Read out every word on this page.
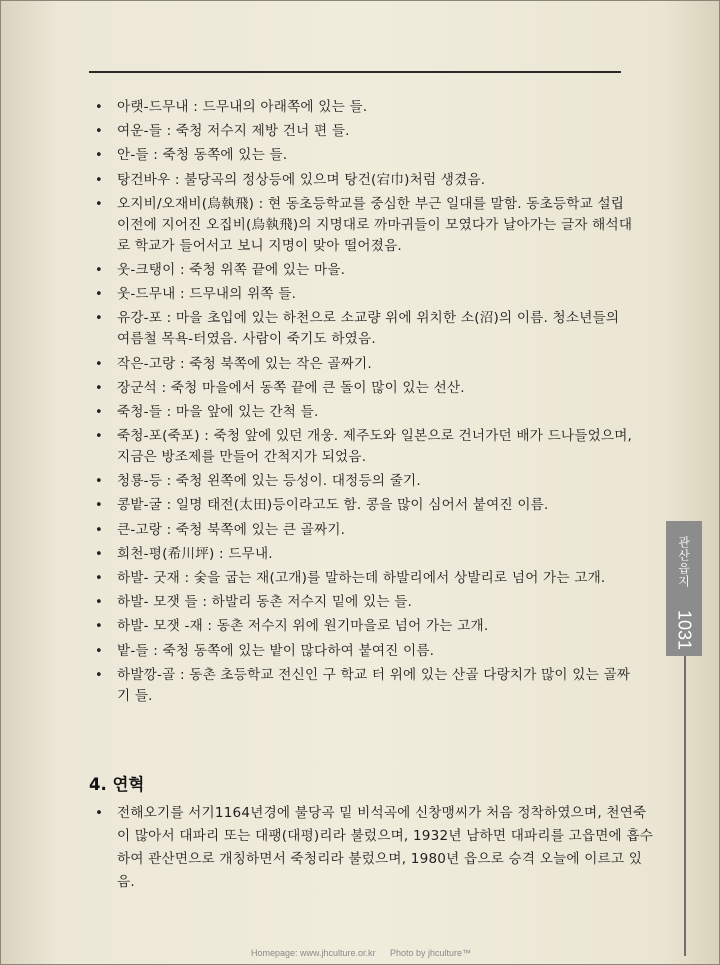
• 아랫-드무내 : 드무내의 아래쪽에 있는 들.
• 여운-들 : 죽청 저수지 제방 건너 편 들.
• 안-들 : 죽청 동쪽에 있는 들.
• 탕건바우 : 불당곡의 정상등에 있으며 탕건(宕巾)처럼 생겼음.
• 오지비/오재비(烏執飛) : 현 동초등학교를 중심한 부근 일대를 말함. 동초등학교 설립 이전에 지어진 오집비(烏執飛)의 지명대로 까마귀들이 모였다가 날아가는 글자 해석대로 학교가 들어서고 보니 지명이 맞아 떨어졌음.
• 웃-크탱이 : 죽청 위쪽 끝에 있는 마을.
• 웃-드무내 : 드무내의 위쪽 들.
• 유강-포 : 마을 초입에 있는 하천으로 소교량 위에 위치한 소(沼)의 이름. 청소년들의 여름철 목욕-터였음. 사람이 죽기도 하였음.
• 작은-고랑 : 죽청 북쪽에 있는 작은 골짜기.
• 장군석 : 죽청 마을에서 동쪽 끝에 큰 돌이 많이 있는 선산.
• 죽청-들 : 마을 앞에 있는 간척 들.
• 죽청-포(죽포) : 죽청 앞에 있던 개웅. 제주도와 일본으로 건너가던 배가 드나들었으며, 지금은 방조제를 만들어 간척지가 되었음.
• 청룡-등 : 죽청 왼쪽에 있는 등성이. 대정등의 줄기.
• 콩밭-굴 : 일명 태전(太田)등이라고도 함. 콩을 많이 심어서 붙여진 이름.
• 큰-고랑 : 죽청 북쪽에 있는 큰 골짜기.
• 희천-평(希川坪) : 드무내.
• 하발- 굿재 : 숯을 굽는 재(고개)를 말하는데 하발리에서 상발리로 넘어 가는 고개.
• 하발- 모잿 들 : 하발리 동촌 저수지 밑에 있는 들.
• 하발- 모잿 -재 : 동촌 저수지 위에 원기마을로 넘어 가는 고개.
• 밭-들 : 죽청 동쪽에 있는 밭이 많다하여 붙여진 이름.
• 하발깡-골 : 동촌 초등학교 전신인 구 학교 터 위에 있는 산골 다랑치가 많이 있는 골짜기 들.
4. 연혁

• 전해오기를 서기1164년경에 불당곡 밑 비석곡에 신창맹씨가 처음 정착하였으며, 천연죽이 많아서 대파리 또는 대팽(대평)리라 불렀으며, 1932년 남하면 대파리를 고읍면에 흡수하여 관산면으로 개칭하면서 죽청리라 불렀으며, 1980년 읍으로 승격 오늘에 이르고 있음.

관산읍지
1031
Homepage: www.jhculture.or.kr Photo by jhculture™
